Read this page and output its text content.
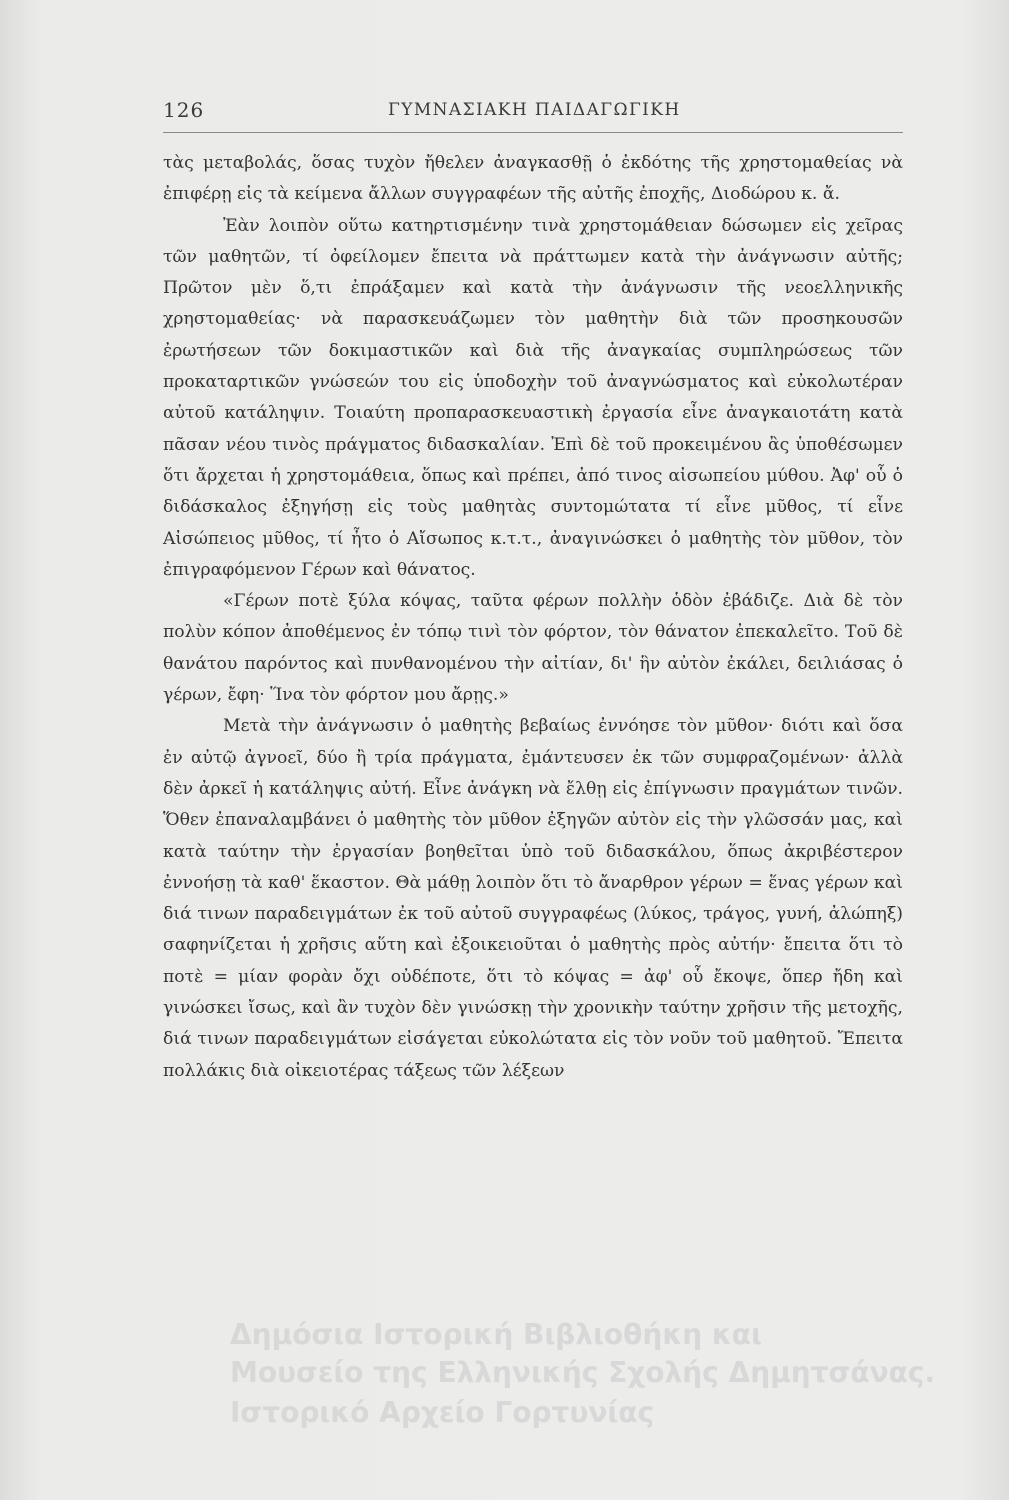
126	ΓΥΜΝΑΣΙΑΚΗ ΠΑΙΔΑΓΩΓΙΚΗ

τὰς μεταβολάς, ὅσας τυχὸν ἤθελεν ἀναγκασθῇ ὁ ἐκδότης τῆς χρηστομαθείας νὰ ἐπιφέρῃ εἰς τὰ κείμενα ἄλλων συγγραφέων τῆς αὐτῆς ἐποχῆς, Διοδώρου κ. ἄ.

Ἐὰν λοιπὸν οὕτω κατηρτισμένην τινὰ χρηστομάθειαν δώσωμεν εἰς χεῖρας τῶν μαθητῶν, τί ὀφείλομεν ἔπειτα νὰ πράττωμεν κατὰ τὴν ἀνάγνωσιν αὐτῆς; Πρῶτον μὲν ὅ,τι ἐπράξαμεν καὶ κατὰ τὴν ἀνάγνωσιν τῆς νεοελληνικῆς χρηστομαθείας· νὰ παρασκευάζωμεν τὸν μαθητὴν διὰ τῶν προσηκουσῶν ἐρωτήσεων τῶν δοκιμαστικῶν καὶ διὰ τῆς ἀναγκαίας συμπληρώσεως τῶν προκαταρτικῶν γνώσεών του εἰς ὑποδοχὴν τοῦ ἀναγνώσματος καὶ εὐκολωτέραν αὐτοῦ κατάληψιν. Τοιαύτη προπαρασκευαστικὴ ἐργασία εἶνε ἀναγκαιοτάτη κατὰ πᾶσαν νέου τινὸς πράγματος διδασκαλίαν. Ἐπὶ δὲ τοῦ προκειμένου ἂς ὑποθέσωμεν ὅτι ἄρχεται ἡ χρηστομάθεια, ὅπως καὶ πρέπει, ἀπό τινος αἰσωπείου μύθου. Ἀφ' οὗ ὁ διδάσκαλος ἐξηγήσῃ εἰς τοὺς μαθητὰς συντομώτατα τί εἶνε μῦθος, τί εἶνε Αἰσώπειος μῦθος, τί ἦτο ὁ Αἴσωπος κ.τ.τ., ἀναγινώσκει ὁ μαθητὴς τὸν μῦθον, τὸν ἐπιγραφόμενον Γέρων καὶ θάνατος.

«Γέρων ποτὲ ξύλα κόψας, ταῦτα φέρων πολλὴν ὁδὸν ἐβάδιζε. Διὰ δὲ τὸν πολὺν κόπον ἀποθέμενος ἐν τόπῳ τινὶ τὸν φόρτον, τὸν θάνατον ἐπεκαλεῖτο. Τοῦ δὲ θανάτου παρόντος καὶ πυνθανομένου τὴν αἰτίαν, δι' ἣν αὐτὸν ἐκάλει, δειλιάσας ὁ γέρων, ἔφη· Ἵνα τὸν φόρτον μου ἄρῃς.»

Μετὰ τὴν ἀνάγνωσιν ὁ μαθητὴς βεβαίως ἐννόησε τὸν μῦθον· διότι καὶ ὅσα ἐν αὐτῷ ἀγνοεῖ, δύο ἢ τρία πράγματα, ἐμάντευσεν ἐκ τῶν συμφραζομένων· ἀλλὰ δὲν ἀρκεῖ ἡ κατάληψις αὐτή. Εἶνε ἀνάγκη νὰ ἔλθῃ εἰς ἐπίγνωσιν πραγμάτων τινῶν. Ὅθεν ἐπαναλαμβάνει ὁ μαθητὴς τὸν μῦθον ἐξηγῶν αὐτὸν εἰς τὴν γλῶσσάν μας, καὶ κατὰ ταύτην τὴν ἐργασίαν βοηθεῖται ὑπὸ τοῦ διδασκάλου, ὅπως ἀκριβέστερον ἐννοήσῃ τὰ καθ' ἕκαστον. Θὰ μάθῃ λοιπὸν ὅτι τὸ ἄναρθρον γέρων = ἕνας γέρων καὶ διά τινων παραδειγμάτων ἐκ τοῦ αὐτοῦ συγγραφέως (λύκος, τράγος, γυνή, ἀλώπηξ) σαφηνίζεται ἡ χρῆσις αὕτη καὶ ἐξοικειοῦται ὁ μαθητὴς πρὸς αὐτήν· ἔπειτα ὅτι τὸ ποτὲ = μίαν φορὰν ὄχι οὐδέποτε, ὅτι τὸ κόψας = ἀφ' οὗ ἔκοψε, ὅπερ ἤδη καὶ γινώσκει ἴσως, καὶ ἂν τυχὸν δὲν γινώσκῃ τὴν χρονικὴν ταύτην χρῆσιν τῆς μετοχῆς, διά τινων παραδειγμάτων εἰσάγεται εὐκολώτατα εἰς τὸν νοῦν τοῦ μαθητοῦ. Ἔπειτα πολλάκις διὰ οἰκειοτέρας τάξεως τῶν λέξεων

Δημόσια Ιστορική Βιβλιοθήκη και
Μουσείο της Ελληνικής Σχολής Δημητσάνας.
Ιστορικό Αρχείο Γορτυνίας
